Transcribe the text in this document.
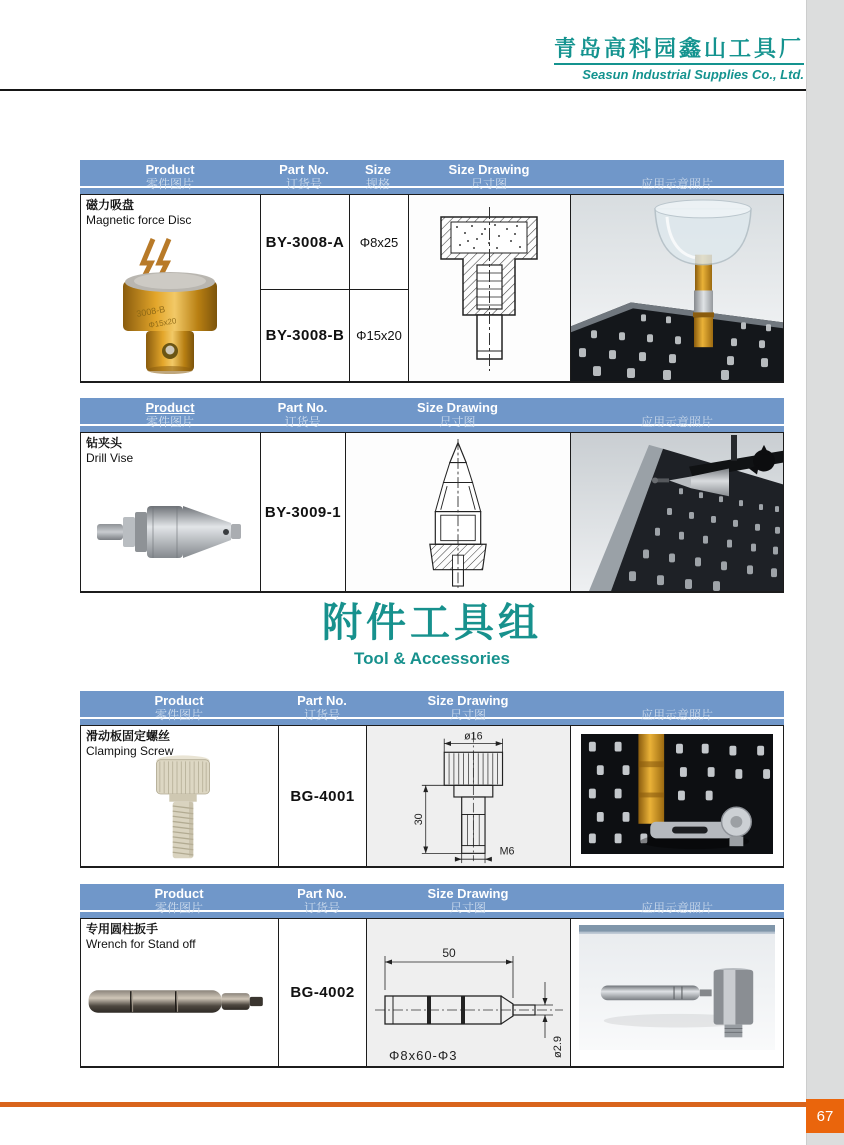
青岛高科园鑫山工具厂
Seasun Industrial Supplies Co., Ltd.
Product
零件图片
Part No.
订货号
Size
规格
Size Drawing
尺寸图	应用示意照片
磁力吸盘
Magnetic force Disc
3008-B
Φ15x20
BY-3008-A Φ8x25
BY-3008-B Φ15x20
Product
零件图片
Part No.
订货号
Size Drawing
尺寸图	应用示意照片
钻夹头
Drill Vise
BY-3009-1
附件工具组
Tool & Accessories
Product
零件图片
Part No.
订货号
Size Drawing
尺寸图	应用示意照片
滑动板固定螺丝
Clamping Screw
BG-4001
ø16
30
M6
Product
零件图片
Part No.
订货号
Size Drawing
尺寸图	应用示意照片
专用圆柱扳手
Wrench for Stand off
BG-4002
50
ø2.9
Φ8x60-Φ3
67
